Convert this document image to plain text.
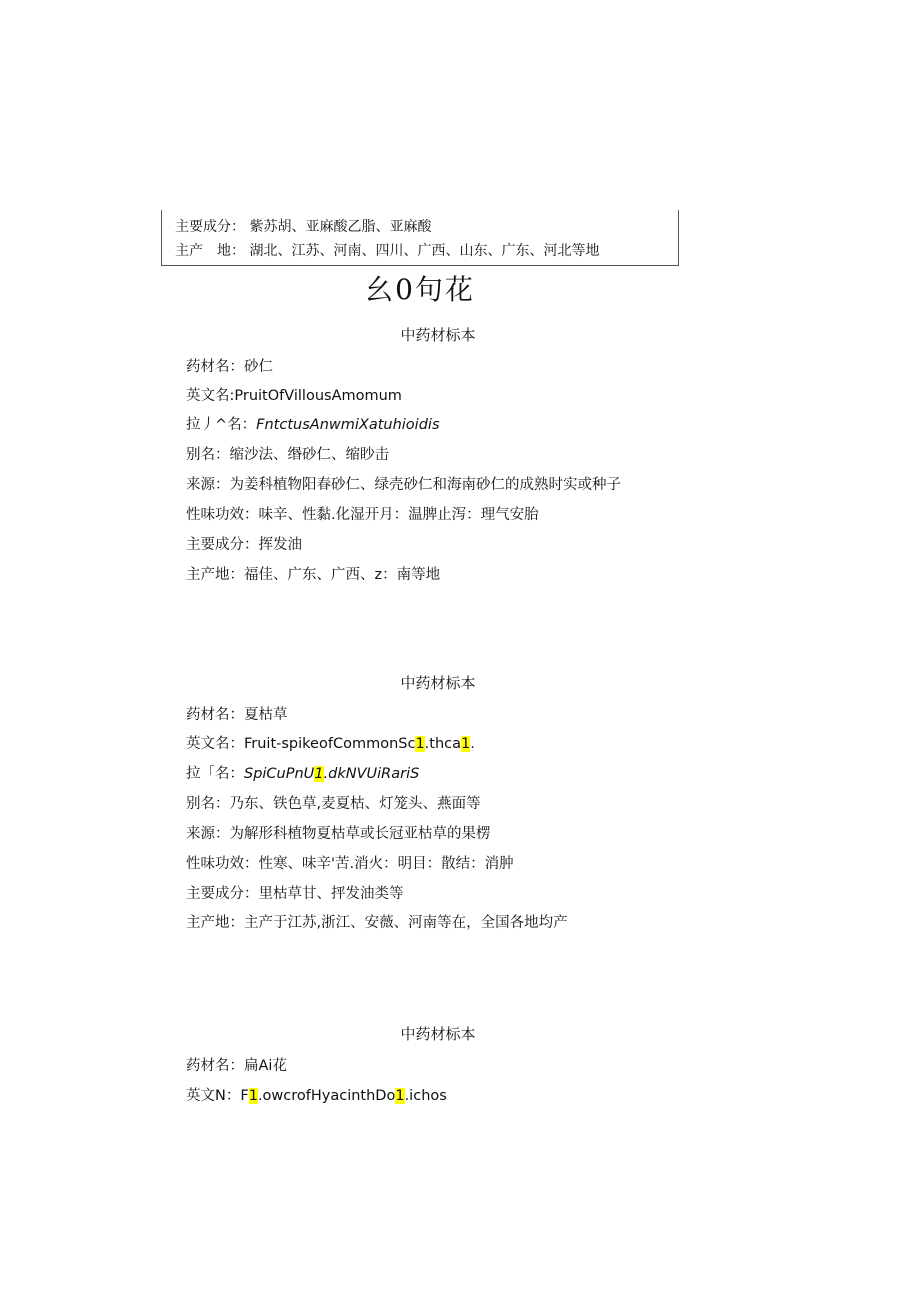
主要成分： 紫苏胡、亚麻酸乙脂、亚麻酸
主产　地： 湖北、江苏、河南、四川、广西、山东、广东、河北等地
幺0句花
中药材标本
药材名：砂仁
英文名:PruitOfVillousAmomum
拉丿^名：FntctusAnwmiXatuhioidis
别名：缩沙法、缗砂仁、缩眇击
来源：为姜科植物阳春砂仁、绿壳砂仁和海南砂仁的成熟时实或种子
性味功效：味辛、性黏.化湿开月：温脾止泻：理气安胎
主要成分：挥发油
主产地：福佳、广东、广西、z：南等地
中药材标本
药材名：夏枯草
英文名：Fruit-spikeofCommonSc1.thca1.
拉「名：SpiCuPnU1.dkNVUiRariS
别名：乃东、铁色草,麦夏枯、灯笼头、燕面等
来源：为解形科植物夏枯草或长冠亚枯草的果楞
性味功效：性寒、味辛'苦.消火：明目：散结：消肿
主要成分：里枯草甘、抨发油类等
主产地：主产于江苏,浙江、安薇、河南等在，全国各地均产
中药材标本
药材名：扁Ai花
英文N：F1.owcrofHyacinthDo1.ichos
